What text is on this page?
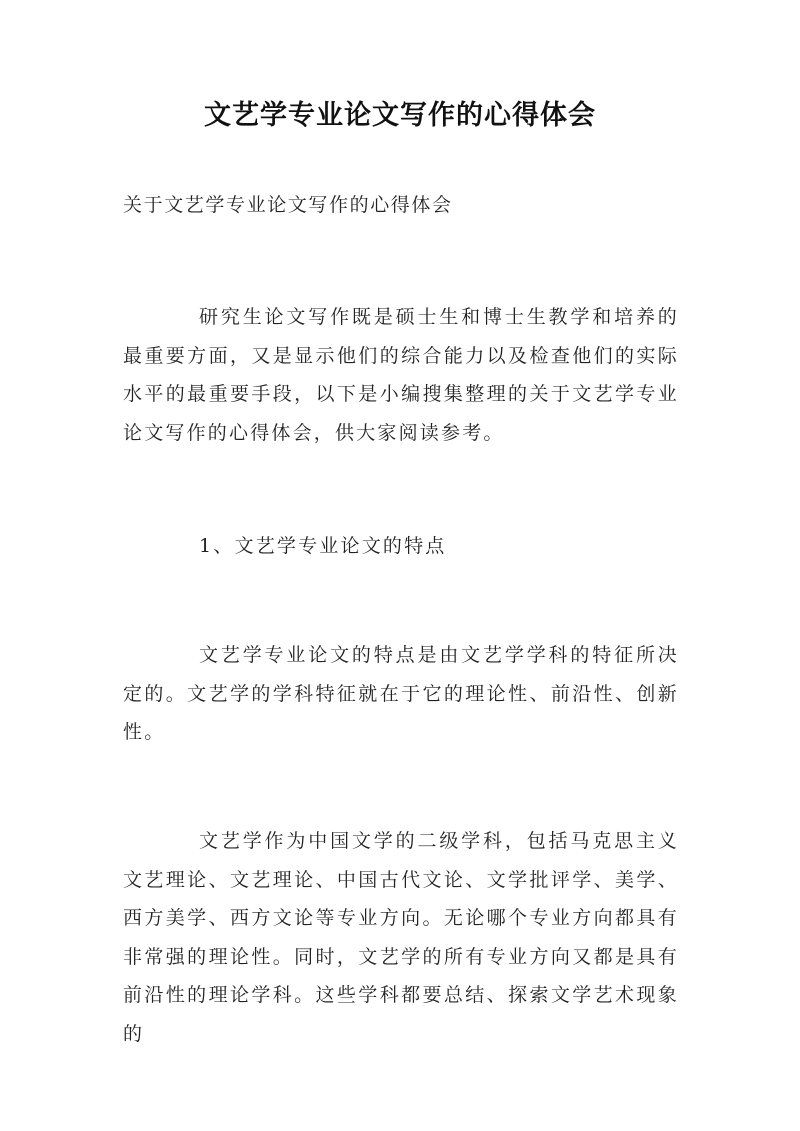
文艺学专业论文写作的心得体会
关于文艺学专业论文写作的心得体会

研究生论文写作既是硕士生和博士生教学和培养的最重要方面，又是显示他们的综合能力以及检查他们的实际水平的最重要手段，以下是小编搜集整理的关于文艺学专业论文写作的心得体会，供大家阅读参考。

1、文艺学专业论文的特点

文艺学专业论文的特点是由文艺学学科的特征所决定的。文艺学的学科特征就在于它的理论性、前沿性、创新性。

文艺学作为中国文学的二级学科，包括马克思主义文艺理论、文艺理论、中国古代文论、文学批评学、美学、西方美学、西方文论等专业方向。无论哪个专业方向都具有非常强的理论性。同时，文艺学的所有专业方向又都是具有前沿性的理论学科。这些学科都要总结、探索文学艺术现象的
